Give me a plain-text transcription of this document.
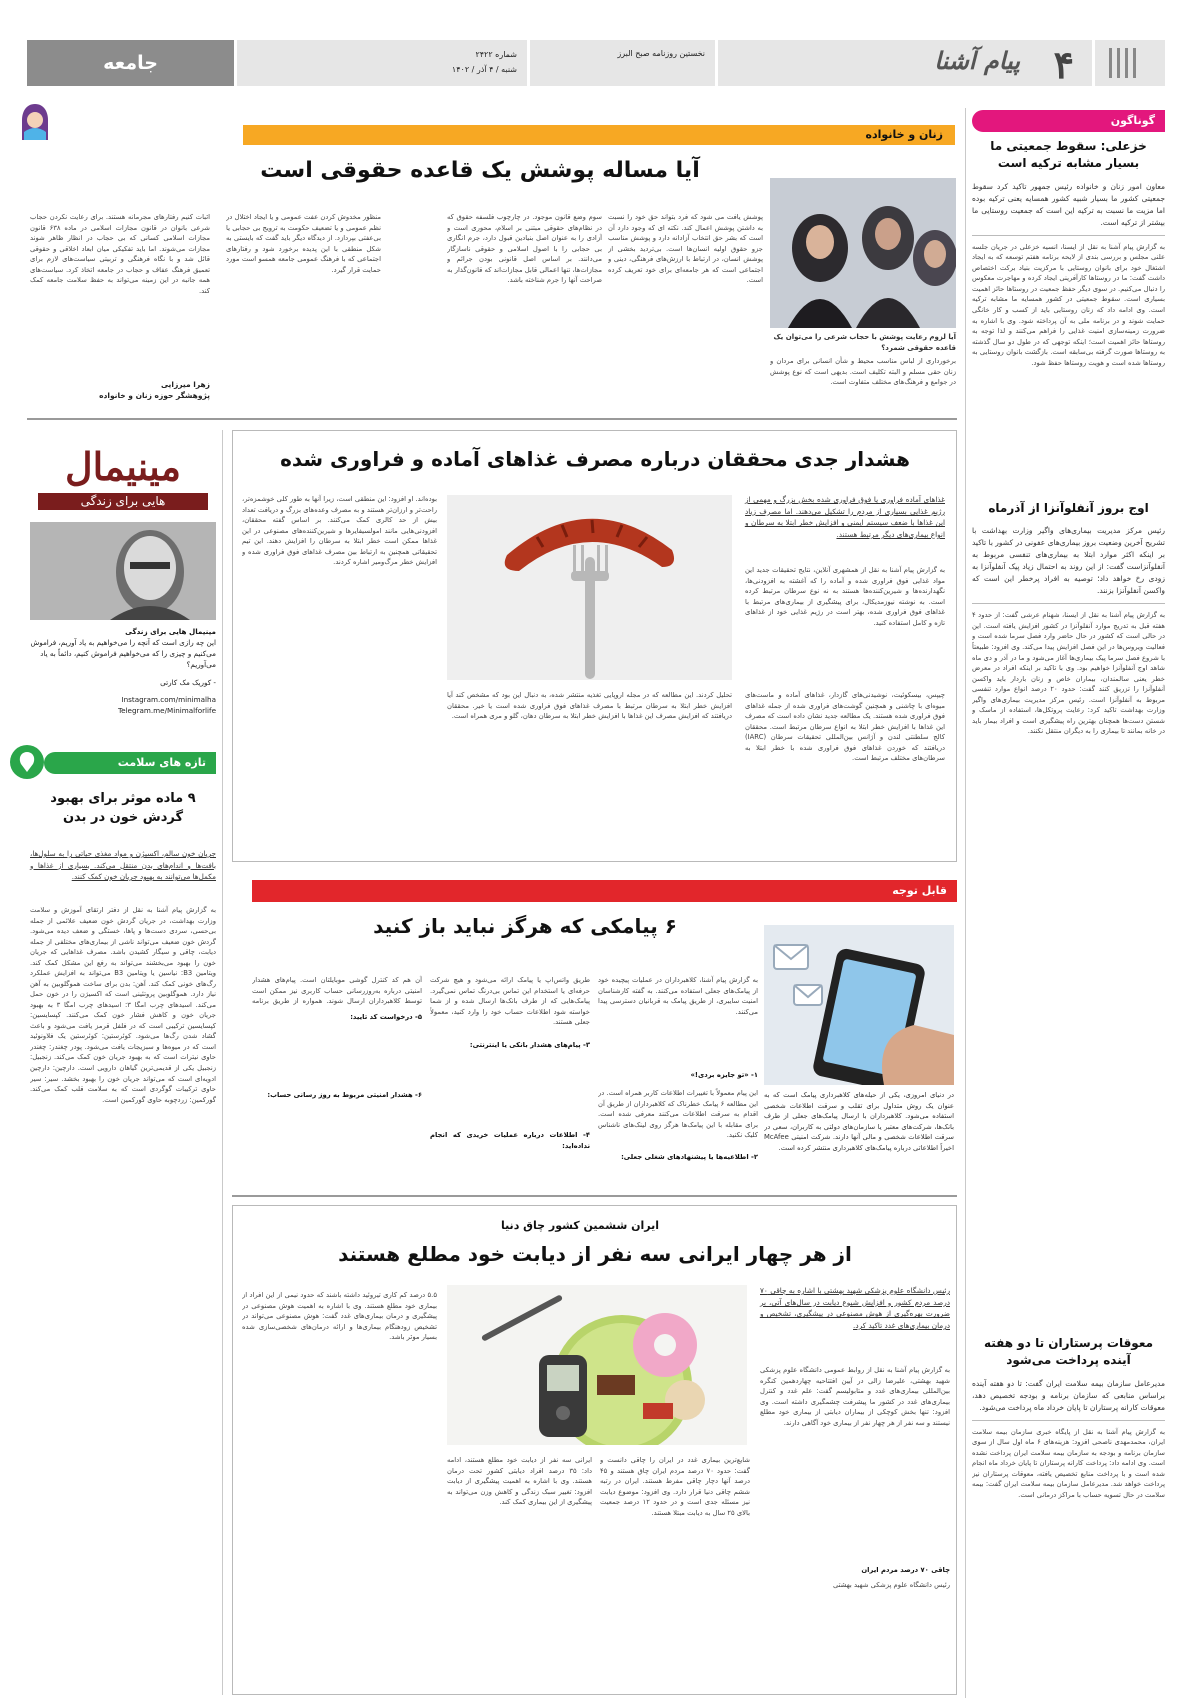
جامعه	شماره ۲۴۲۲
شنبه / ۴ آذر / ۱۴۰۲
نخستین روزنامه صبح البرز	پیام آشنا ۴
گوناگون
خزعلی: سقوط جمعیتی ما بسیار مشابه ترکیه است
معاون امور زنان و خانواده رئیس جمهور تاکید کرد سقوط جمعیتی کشور ما بسیار شبیه کشور همسایه یعنی ترکیه بوده اما مزیت ما نسبت به ترکیه این است که جمعیت روستایی ما بیشتر از ترکیه است.
به گزارش پیام آشنا به نقل از ایسنا، انسیه خزعلی در جریان جلسه علنی مجلس و بررسی بندی از لایحه برنامه هفتم توسعه که به ایجاد اشتغال خود برای بانوان روستایی با مرکزیت بنیاد برکت اختصاص داشت گفت: ما در روستاها کارآفرینی ایجاد کرده و مهاجرت معکوس را دنبال می‌کنیم. در سوی دیگر حفظ جمعیت در روستاها حائز اهمیت بسیاری است. سقوط جمعیتی در کشور همسایه ما مشابه ترکیه است. وی ادامه داد که زنان روستایی باید از کسب و کار خانگی حمایت شوند و در برنامه ملی به آن پرداخته شود. وی با اشاره به ضرورت زمینه‌سازی امنیت غذایی را فراهم می‌کنند و لذا توجه به روستاها حائز اهمیت است؛ اینکه توجهی که در طول دو سال گذشته به روستاها صورت گرفته بی‌سابقه است. بازگشت بانوان روستایی به روستاها شده است و هویت روستاها حفظ شود.
اوج بروز آنفلوآنزا از آذرماه
رئیس مرکز مدیریت بیماری‌های واگیر وزارت بهداشت با تشریح آخرین وضعیت بروز بیماری‌های عفونی در کشور با تاکید بر اینکه اکثر موارد ابتلا به بیماری‌های تنفسی مربوط به آنفلوآنزاست گفت: از این روند به احتمال زیاد پیک آنفلوآنزا به زودی رخ خواهد داد؛ توصیه به افراد پرخطر این است که واکسن آنفلوآنزا بزنند.
به گزارش پیام آشنا به نقل از ایسنا، شهنام عرشی گفت: از حدود ۴ هفته قبل به تدریج موارد آنفلوآنزا در کشور افزایش یافته است. این در حالی است که کشور در حال حاضر وارد فصل سرما شده است و فعالیت ویروس‌ها در این فصل افزایش پیدا می‌کند. وی افزود: طبیعتاً با شروع فصل سرما پیک بیماری‌ها آغاز می‌شود و ما در آذر و دی ماه شاهد اوج آنفلوآنزا خواهیم بود. وی با تاکید بر اینکه افراد در معرض خطر یعنی سالمندان، بیماران خاص و زنان باردار باید واکسن آنفلوآنزا را تزریق کنند گفت: حدود ۲۰ درصد انواع موارد تنفسی مربوط به آنفلوآنزا است. رئیس مرکز مدیریت بیماری‌های واگیر وزارت بهداشت تاکید کرد: رعایت پروتکل‌ها، استفاده از ماسک و شستن دست‌ها همچنان بهترین راه پیشگیری است و افراد بیمار باید در خانه بمانند تا بیماری را به دیگران منتقل نکنند.
معوقات پرستاران تا دو هفته آینده پرداخت می‌شود
مدیرعامل سازمان بیمه سلامت ایران گفت: تا دو هفته آینده براساس منابعی که سازمان برنامه و بودجه تخصیص دهد، معوقات کارانه پرستاران تا پایان خرداد ماه پرداخت می‌شود.
به گزارش پیام آشنا به نقل از پایگاه خبری سازمان بیمه سلامت ایران، محمدمهدی ناصحی افزود: هزینه‌های ۶ ماه اول سال از سوی سازمان برنامه و بودجه به سازمان بیمه سلامت ایران پرداخت نشده است. وی ادامه داد: پرداخت کارانه پرستاران تا پایان خرداد ماه انجام شده است و با پرداخت منابع تخصیص یافته، معوقات پرستاران نیز پرداخت خواهد شد. مدیرعامل سازمان بیمه سلامت ایران گفت: بیمه سلامت در حال تسویه حساب با مراکز درمانی است.
زنان و خانواده
آیا مساله پوشش یک قاعده حقوقی است
آیا لزوم رعایت پوشش با حجاب شرعی را می‌توان یک قاعده حقوقی شمرد؟
برخورداری از لباس مناسب محیط و شأن انسانی برای مردان و زنان حقی مسلم و البته تکلیف است. بدیهی است که نوع پوشش در جوامع و فرهنگ‌های مختلف متفاوت است.
پوشش یافت می شود که فرد بتواند حق خود را نسبت به داشتن پوشش اعمال کند. نکته ای که وجود دارد آن است که بشر حق انتخاب آزادانه دارد و پوشش مناسب جزو حقوق اولیه انسان‌ها است. بی‌تردید بخشی از پوشش انسان، در ارتباط با ارزش‌های فرهنگی، دینی و اجتماعی است که هر جامعه‌ای برای خود تعریف کرده است.
سوم وضع قانون موجود. در چارچوب فلسفه حقوق که در نظام‌های حقوقی مبتنی بر اسلام، محوری است و آزادی را به عنوان اصل بنیادین قبول دارد، جرم انگاری بی حجابی را با اصول اسلامی و حقوقی ناسازگار می‌دانند. بر اساس اصل قانونی بودن جرائم و مجازات‌ها، تنها اعمالی قابل مجازات‌اند که قانون‌گذار به صراحت آنها را جرم شناخته باشد.
منظور مخدوش کردن عفت عمومی و یا ایجاد اختلال در نظم عمومی و یا تضعیف حکومت به ترویج بی حجابی یا بی‌عفتی بپردازد. از دیدگاه دیگر باید گفت که بایستی به شکل منطقی با این پدیده برخورد شود و رفتارهای اجتماعی که با فرهنگ عمومی جامعه همسو است مورد حمایت قرار گیرد.
اثبات کنیم رفتارهای مجرمانه هستند. برای رعایت نکردن حجاب شرعی بانوان در قانون مجازات اسلامی در ماده ۶۳۸ قانون مجازات اسلامی کسانی که بی حجاب در انظار ظاهر شوند مجازات می‌شوند. اما باید تفکیکی میان ابعاد اخلاقی و حقوقی قائل شد و با نگاه فرهنگی و تربیتی سیاست‌های لازم برای تعمیق فرهنگ عفاف و حجاب در جامعه اتخاذ کرد. سیاست‌های همه جانبه در این زمینه می‌تواند به حفظ سلامت جامعه کمک کند.
زهرا میرزایی
پژوهشگر حوزه زنان و خانواده
مینیمال
هایی برای زندگی
مینیمال هایی برای زندگی
این چه رازی است که آنچه را می‌خواهیم به یاد آوریم، فراموش می‌کنیم و چیزی را که می‌خواهیم فراموش کنیم، دائماً به یاد می‌آوریم؟
- کوریک مک کارتی
Instagram.com/minimalha
Telegram.me/Minimalforlife
هشدار جدی محققان درباره مصرف غذاهای آماده و فراوری شده
غذاهای آماده فراوری یا فوق فراوری شده بخش بزرگ و مهمی از رژیم غذایی بسیاری از مردم را تشکیل می‌دهند. اما مصرف زیاد این غذاها با ضعف سیستم ایمنی و افزایش خطر ابتلا به سرطان و انواع بیماری‌های دیگر مرتبط هستند.
به گزارش پیام آشنا به نقل از همشهری آنلاین، نتایج تحقیقات جدید این مواد غذایی فوق فراوری شده و آماده را که آغشته به افزودنی‌ها، نگهدارنده‌ها و شیرین‌کننده‌ها هستند به نه نوع سرطان مرتبط کرده است. به نوشته نیوزمدیکال، برای پیشگیری از بیماری‌های مرتبط با غذاهای فوق فراوری شده، بهتر است در رژیم غذایی خود از غذاهای تازه و کامل استفاده کنید.
چیپس، بیسکوئیت، نوشیدنی‌های گازدار، غذاهای آماده و ماست‌های میوه‌ای با چاشنی و همچنین گوشت‌های فراوری شده از جمله غذاهای فوق فراوری شده هستند. یک مطالعه جدید نشان داده است که مصرف این غذاها با افزایش خطر ابتلا به انواع سرطان مرتبط است. محققان کالج سلطنتی لندن و آژانس بین‌المللی تحقیقات سرطان (IARC) دریافتند که خوردن غذاهای فوق فراوری شده با خطر ابتلا به سرطان‌های مختلف مرتبط است.
تحلیل کردند. این مطالعه که در مجله اروپایی تغذیه منتشر شده، به دنبال این بود که مشخص کند آیا افزایش خطر ابتلا به سرطان مرتبط با مصرف غذاهای فوق فراوری شده است یا خیر. محققان دریافتند که افزایش مصرف این غذاها با افزایش خطر ابتلا به سرطان دهان، گلو و مری همراه است.
بوده‌اند. او افزود: این منطقی است، زیرا آنها به طور کلی خوشمزه‌تر، راحت‌تر و ارزان‌تر هستند و به مصرف وعده‌های بزرگ و دریافت تعداد بیش از حد کالری کمک می‌کنند. بر اساس گفته محققان، افزودنی‌هایی مانند امولسیفایرها و شیرین‌کننده‌های مصنوعی در این غذاها ممکن است خطر ابتلا به سرطان را افزایش دهند. این تیم تحقیقاتی همچنین به ارتباط بین مصرف غذاهای فوق فراوری شده و افزایش خطر مرگ‌ومیر اشاره کردند.
قابل توجه
۶ پیامکی که هرگز نباید باز کنید
در دنیای امروزی، یکی از حیله‌های کلاهبرداری پیامک است که به عنوان یک روش متداول برای تقلب و سرقت اطلاعات شخصی استفاده می‌شود. کلاهبرداران با ارسال پیامک‌های جعلی از طرف بانک‌ها، شرکت‌های معتبر یا سازمان‌های دولتی به کاربران، سعی در سرقت اطلاعات شخصی و مالی آنها دارند. شرکت امنیتی McAfee اخیراً اطلاعاتی درباره پیامک‌های کلاهبرداری منتشر کرده است.
به گزارش پیام آشنا، کلاهبرداران در عملیات پیچیده خود از پیامک‌های جعلی استفاده می‌کنند. به گفته کارشناسان امنیت سایبری، از طریق پیامک به قربانیان دسترسی پیدا می‌کنند.
۱- «تو جایزه بردی!»
این پیام معمولاً با تغییرات اطلاعات کاربر همراه است. در این مطالعه ۶ پیامک خطرناک که کلاهبرداران از طریق آن اقدام به سرقت اطلاعات می‌کنند معرفی شده است. برای مقابله با این پیامک‌ها هرگز روی لینک‌های ناشناس کلیک نکنید.
۲- اطلاعیه‌ها یا پیشنهادهای شغلی جعلی:
طریق واتس‌اپ یا پیامک ارائه می‌شود و هیچ شرکت حرفه‌ای یا استخدام این تماس بی‌درنگ تماس نمی‌گیرد. پیامک‌هایی که از طرف بانک‌ها ارسال شده و از شما خواسته شود اطلاعات حساب خود را وارد کنید، معمولاً جعلی هستند.
۳- پیام‌های هشدار بانکی یا اینترنتی:
۴- اطلاعات درباره عملیات خریدی که انجام نداده‌اید:
آن هم کد کنترل گوشی موبایلتان است. پیام‌های هشدار امنیتی درباره به‌روزرسانی حساب کاربری نیز ممکن است توسط کلاهبرداران ارسال شوند. همواره از طریق برنامه
۵- درخواست کد تایید:
۶- هشدار امنیتی مربوط به روز رسانی حساب:
ایران ششمین کشور چاق دنیا
از هر چهار ایرانی سه نفر از دیابت خود مطلع هستند
رئیس دانشگاه علوم پزشکی شهید بهشتی با اشاره به چاقی ۷۰ درصد مردم کشور و افزایش شیوع دیابت در سال‌های آتی، بر ضرورت بهره‌گیری از هوش مصنوعی در پیشگیری، تشخیص و درمان بیماری‌های غدد تاکید کرد.
به گزارش پیام آشنا به نقل از روابط عمومی دانشگاه علوم پزشکی شهید بهشتی، علیرضا زالی در آیین افتتاحیه چهاردهمین کنگره بین‌المللی بیماری‌های غدد و متابولیسم گفت: علم غدد و کنترل بیماری‌های غدد در کشور ما پیشرفت چشمگیری داشته است. وی افزود: تنها بخش کوچکی از بیماران دیابتی از بیماری خود مطلع نیستند و سه نفر از هر چهار نفر از بیماری خود آگاهی دارند.
چاقی ۷۰ درصد مردم ایران
رئیس دانشگاه علوم پزشکی شهید بهشتی
شایع‌ترین بیماری غدد در ایران را چاقی دانست و گفت: حدود ۷۰ درصد مردم ایران چاق هستند و ۴۵ درصد آنها دچار چاقی مفرط هستند. ایران در رتبه ششم چاقی دنیا قرار دارد. وی افزود: موضوع دیابت نیز مسئله جدی است و در حدود ۱۲ درصد جمعیت بالای ۲۵ سال به دیابت مبتلا هستند.
ایرانی سه نفر از دیابت خود مطلع هستند، ادامه داد: ۳۵ درصد افراد دیابتی کشور تحت درمان هستند. وی با اشاره به اهمیت پیشگیری از دیابت افزود: تغییر سبک زندگی و کاهش وزن می‌تواند به پیشگیری از این بیماری کمک کند.
۵.۵ درصد کم کاری تیروئید داشته باشند که حدود نیمی از این افراد از بیماری خود مطلع هستند. وی با اشاره به اهمیت هوش مصنوعی در پیشگیری و درمان بیماری‌های غدد گفت: هوش مصنوعی می‌تواند در تشخیص زودهنگام بیماری‌ها و ارائه درمان‌های شخصی‌سازی شده بسیار موثر باشد.
تازه های سلامت
۹ ماده موثر برای بهبود گردش خون در بدن
جریان خون سالم، اکسیژن و مواد مغذی حیاتی را به سلول‌ها، بافت‌ها و اندام‌های بدن منتقل می‌کند. بسیاری از غذاها و مکمل‌ها می‌توانند به بهبود جریان خون کمک کنند.
به گزارش پیام آشنا به نقل از دفتر ارتقای آموزش و سلامت وزارت بهداشت، در جریان گردش خون ضعیف علائمی از جمله بی‌حسی، سردی دست‌ها و پاها، خستگی و ضعف دیده می‌شود. گردش خون ضعیف می‌تواند ناشی از بیماری‌های مختلفی از جمله دیابت، چاقی و سیگار کشیدن باشد. مصرف غذاهایی که جریان خون را بهبود می‌بخشند می‌تواند به رفع این مشکل کمک کند. ویتامین B3: نیاسین یا ویتامین B3 می‌تواند به افزایش عملکرد رگ‌های خونی کمک کند. آهن: بدن برای ساخت هموگلوبین به آهن نیاز دارد. هموگلوبین پروتئینی است که اکسیژن را در خون حمل می‌کند. اسیدهای چرب امگا ۳: اسیدهای چرب امگا ۳ به بهبود جریان خون و کاهش فشار خون کمک می‌کنند. کپسایسین: کپسایسین ترکیبی است که در فلفل قرمز یافت می‌شود و باعث گشاد شدن رگ‌ها می‌شود. کوئرستین: کوئرستین یک فلاونوئید است که در میوه‌ها و سبزیجات یافت می‌شود. پودر چغندر: چغندر حاوی نیترات است که به بهبود جریان خون کمک می‌کند. زنجبیل: زنجبیل یکی از قدیمی‌ترین گیاهان دارویی است. دارچین: دارچین ادویه‌ای است که می‌تواند جریان خون را بهبود بخشد. سیر: سیر حاوی ترکیبات گوگردی است که به سلامت قلب کمک می‌کند. گورکمین: زردچوبه حاوی گورکمین است.
